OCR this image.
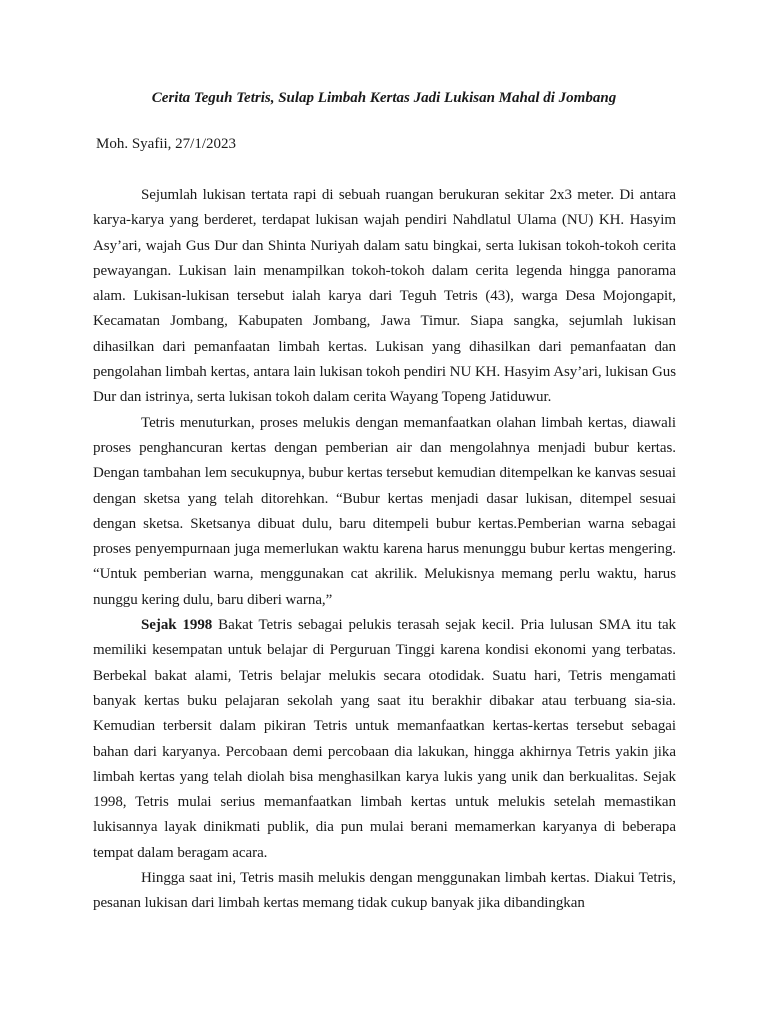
Cerita Teguh Tetris, Sulap Limbah Kertas Jadi Lukisan Mahal di Jombang

Moh. Syafii, 27/1/2023

Sejumlah lukisan tertata rapi di sebuah ruangan berukuran sekitar 2x3 meter. Di antara karya-karya yang berderet, terdapat lukisan wajah pendiri Nahdlatul Ulama (NU) KH. Hasyim Asy’ari, wajah Gus Dur dan Shinta Nuriyah dalam satu bingkai, serta lukisan tokoh-tokoh cerita pewayangan. Lukisan lain menampilkan tokoh-tokoh dalam cerita legenda hingga panorama alam. Lukisan-lukisan tersebut ialah karya dari Teguh Tetris (43), warga Desa Mojongapit, Kecamatan Jombang, Kabupaten Jombang, Jawa Timur. Siapa sangka, sejumlah lukisan dihasilkan dari pemanfaatan limbah kertas. Lukisan yang dihasilkan dari pemanfaatan dan pengolahan limbah kertas, antara lain lukisan tokoh pendiri NU KH. Hasyim Asy’ari, lukisan Gus Dur dan istrinya, serta lukisan tokoh dalam cerita Wayang Topeng Jatiduwur.

Tetris menuturkan, proses melukis dengan memanfaatkan olahan limbah kertas, diawali proses penghancuran kertas dengan pemberian air dan mengolahnya menjadi bubur kertas. Dengan tambahan lem secukupnya, bubur kertas tersebut kemudian ditempelkan ke kanvas sesuai dengan sketsa yang telah ditorehkan. “Bubur kertas menjadi dasar lukisan, ditempel sesuai dengan sketsa. Sketsanya dibuat dulu, baru ditempeli bubur kertas.Pemberian warna sebagai proses penyempurnaan juga memerlukan waktu karena harus menunggu bubur kertas mengering. “Untuk pemberian warna, menggunakan cat akrilik. Melukisnya memang perlu waktu, harus nunggu kering dulu, baru diberi warna,”

Sejak 1998 Bakat Tetris sebagai pelukis terasah sejak kecil. Pria lulusan SMA itu tak memiliki kesempatan untuk belajar di Perguruan Tinggi karena kondisi ekonomi yang terbatas. Berbekal bakat alami, Tetris belajar melukis secara otodidak. Suatu hari, Tetris mengamati banyak kertas buku pelajaran sekolah yang saat itu berakhir dibakar atau terbuang sia-sia. Kemudian terbersit dalam pikiran Tetris untuk memanfaatkan kertas-kertas tersebut sebagai bahan dari karyanya. Percobaan demi percobaan dia lakukan, hingga akhirnya Tetris yakin jika limbah kertas yang telah diolah bisa menghasilkan karya lukis yang unik dan berkualitas. Sejak 1998, Tetris mulai serius memanfaatkan limbah kertas untuk melukis setelah memastikan lukisannya layak dinikmati publik, dia pun mulai berani memamerkan karyanya di beberapa tempat dalam beragam acara.

Hingga saat ini, Tetris masih melukis dengan menggunakan limbah kertas. Diakui Tetris, pesanan lukisan dari limbah kertas memang tidak cukup banyak jika dibandingkan
